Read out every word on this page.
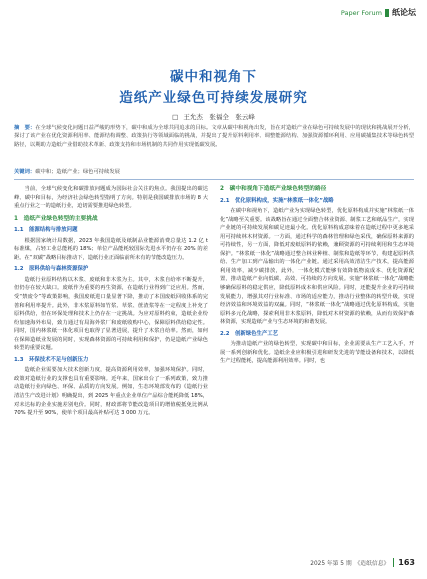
Paper Forum 纸论坛
碳中和视角下
造纸产业绿色可持续发展研究
□ 王允杰　张福全　张云峰
摘　要：在全球气候变化问题日益严峻的形势下，碳中和成为全球共同追求的目标。文章从碳中和视角出发，旨在对造纸产业在绿色可持续发展中的现状和挑战展开分析，探讨了该产业在优化资源利用率、能源结构调整、政策执行等领域面临的挑战，并提出了提升原料利用率、调整能源结构、加强资源循环利用、应用碳捕集技术等绿色转型路径，以期助力造纸产业借助技术革新、政策支持和市场机制的共同作用实现低碳发展。
关键词：碳中和；造纸产业；绿色可持续发展

当前，全球气候变化和碳排放问题成为国际社会关注的焦点。我国提出的碳达峰、碳中和目标，为经济社会绿色转型指明了方向。特别是我国碳排放市场的 8 大重点行业之一的造纸行业，迫切需要推进绿色转型。

1　造纸产业绿色转型的主要挑战
1.1　能源结构与排放问题

根据国家统计局数据，2023 年我国造纸及纸制品业能源消费总量达 1.2 亿 t 标准煤，占轻工业总能耗的 18%；单位产品能耗较国际先进水平仍存在 20% 的差距。在“双碳”战略目标推动下，造纸行业正面临前所未有的节能改造压力。

1.2　原料供给与森林资源保护

造纸行业原料结构以木浆、废纸和非木浆为主。其中，木浆自给率不断提升，但仍存在较大缺口。废纸作为重要的再生资源，在造纸行业得到广泛应用。然而，受“禁废令”等政策影响，我国废纸进口量显著下降，推动了本国废纸回收体系的完善和利用率提升。此外，非木浆原料如竹浆、草浆、蔗渣浆等在一定程度上补充了原料供给，但在环保处理和技术上仍存在一定挑战。为应对原料约束，造纸企业纷纷加速海外布局，致力通过有局海外浆厂和废纸收购中心，保障原料供给稳定性。同时，国内林浆纸一体化项目也取得了显著进展，提升了木浆自给率。然而，如何在保障造纸业发展的同时，实现森林资源的可持续利用和保护，仍是造纸产业绿色转型的重要议题。

1.3　环保技术不足与创新压力

造纸企业需要加大技术创新力度，提高资源利用效率，加强环境保护。同时，政策对造纸行业的支撑也具有重要影响。近年来，国家出台了一系列政策，致力推动造纸行业向绿色、环保、品质的方向发展。例如，生态环境部发布的《造纸行业清洁生产改进计划》明确提出，到 2025 年重点企业单位产品综合能耗降低 18%，对未达标的企业实施差别电价。同时，财政部将节能改造项目的增值税抵免比例从 70% 提升至 90%，使单个项目最高补贴可达 3 000 万元。

2　碳中和视角下造纸产业绿色转型的路径
2.1　优化原料构成，实施“林浆纸一体化”战略

在碳中和视角下，造纸产业为实现绿色转型，优化原料构成并实施“林浆纸一体化”战略至关重要。该战略旨在通过全面整合林业资源、制浆工艺和纸品生产，实现产业链的可持续发展和碳足迹最小化。优化原料构成意味着在造纸过程中更多地采用可持续林木材资源。一方面，通过科学的森林管理和绿色采伐，确保原料来源的可持续性，另一方面，降低对废纸原料的依赖，兼顾资源的可持续利用和生态环境保护。“林浆纸一体化”战略通过整合林业种植、制浆和造纸等环节，构建起原料供给、生产加工到产品输出的一体化产业链。通过采用高效清洁生产技术，提高能源利用效率，减少碳排放，此外，一体化模式能够有效降低物流成本、优化资源配置，推动造纸产业向低碳、高效、可持续的方向发展。实施“林浆纸一体化”战略能够确保原料的稳定供应，降低原料成本和供应风险。同时，还能提升企业的可持续发展能力，增强其对行业标准、市场的适应能力，推动行业整体的转型升级，实现经济效益和环境效益的双赢。同时，“林浆纸一体化”战略通过优化原料构成，实施原料多元化战略，探索利用非木浆原料，降低对木材资源的依赖，从而有效保护森林资源，实现造纸产业与生态环境的和谐发展。

2.2　创新绿色生产工艺

为推动造纸产业的绿色转型，实现碳中和目标，企业需要从生产工艺入手，开展一系列创新和优化。造纸企业应积极引进和研发先进的节能设备和技术，以降低生产过程能耗，提高能源利用效率。同时，也

2025 年第 5 期　《造纸信息》 163
